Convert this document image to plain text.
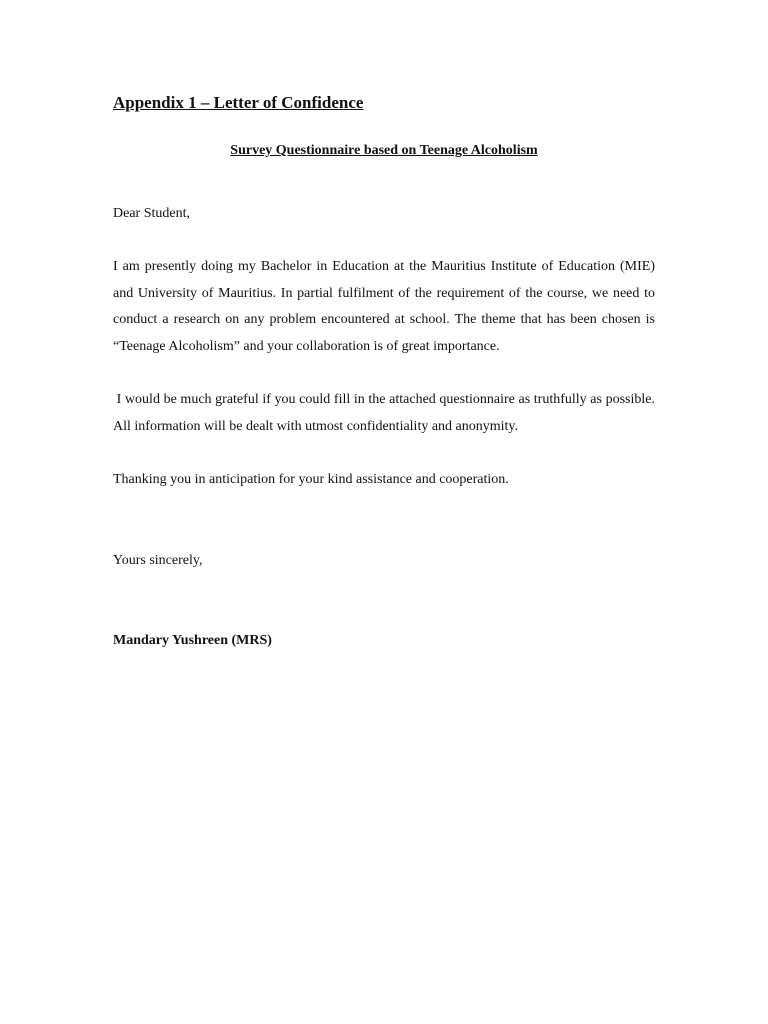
Appendix 1 – Letter of Confidence
Survey Questionnaire based on Teenage Alcoholism
Dear Student,
I am presently doing my Bachelor in Education at the Mauritius Institute of Education (MIE) and University of Mauritius. In partial fulfilment of the requirement of the course, we need to conduct a research on any problem encountered at school. The theme that has been chosen is “Teenage Alcoholism” and your collaboration is of great importance.
I would be much grateful if you could fill in the attached questionnaire as truthfully as possible.  All information will be dealt with utmost confidentiality and anonymity.
Thanking you in anticipation for your kind assistance and cooperation.
Yours sincerely,
Mandary Yushreen (MRS)
